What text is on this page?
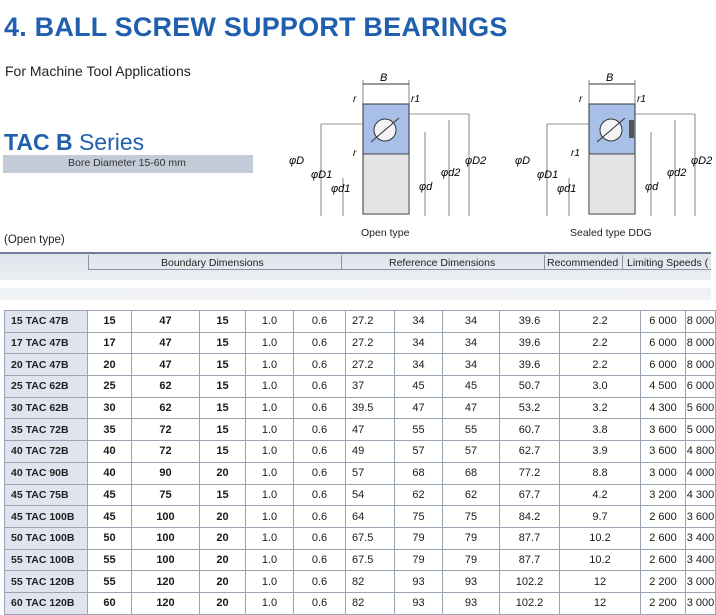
4. BALL SCREW SUPPORT BEARINGS
For Machine Tool Applications
TAC B Series
Bore Diameter 15-60 mm
(Open type)
B
r	r1
r
φD
φD1
φd1	φd
φd2
φD2
B
r	r1
r1
φD
φD1
φd1	φd
φd2
φD2
Open type	Sealed type DDG
Boundary Dimensions	Reference Dimensions	Recommended Limiting Speeds (
15 TAC 47B	15	47	15	1.0	0.6	27.2	34	34	39.6	2.2	6 000	8 000
17 TAC 47B	17	47	15	1.0	0.6	27.2	34	34	39.6	2.2	6 000	8 000
20 TAC 47B	20	47	15	1.0	0.6	27.2	34	34	39.6	2.2	6 000	8 000
25 TAC 62B	25	62	15	1.0	0.6	37	45	45	50.7	3.0	4 500	6 000
30 TAC 62B	30	62	15	1.0	0.6	39.5	47	47	53.2	3.2	4 300	5 600
35 TAC 72B	35	72	15	1.0	0.6	47	55	55	60.7	3.8	3 600	5 000
40 TAC 72B	40	72	15	1.0	0.6	49	57	57	62.7	3.9	3 600	4 800
40 TAC 90B	40	90	20	1.0	0.6	57	68	68	77.2	8.8	3 000	4 000
45 TAC 75B	45	75	15	1.0	0.6	54	62	62	67.7	4.2	3 200	4 300
45 TAC 100B	45	100	20	1.0	0.6	64	75	75	84.2	9.7	2 600	3 600
50 TAC 100B	50	100	20	1.0	0.6	67.5	79	79	87.7	10.2	2 600	3 400
55 TAC 100B	55	100	20	1.0	0.6	67.5	79	79	87.7	10.2	2 600	3 400
55 TAC 120B	55	120	20	1.0	0.6	82	93	93	102.2	12	2 200	3 000
60 TAC 120B	60	120	20	1.0	0.6	82	93	93	102.2	12	2 200	3 000
